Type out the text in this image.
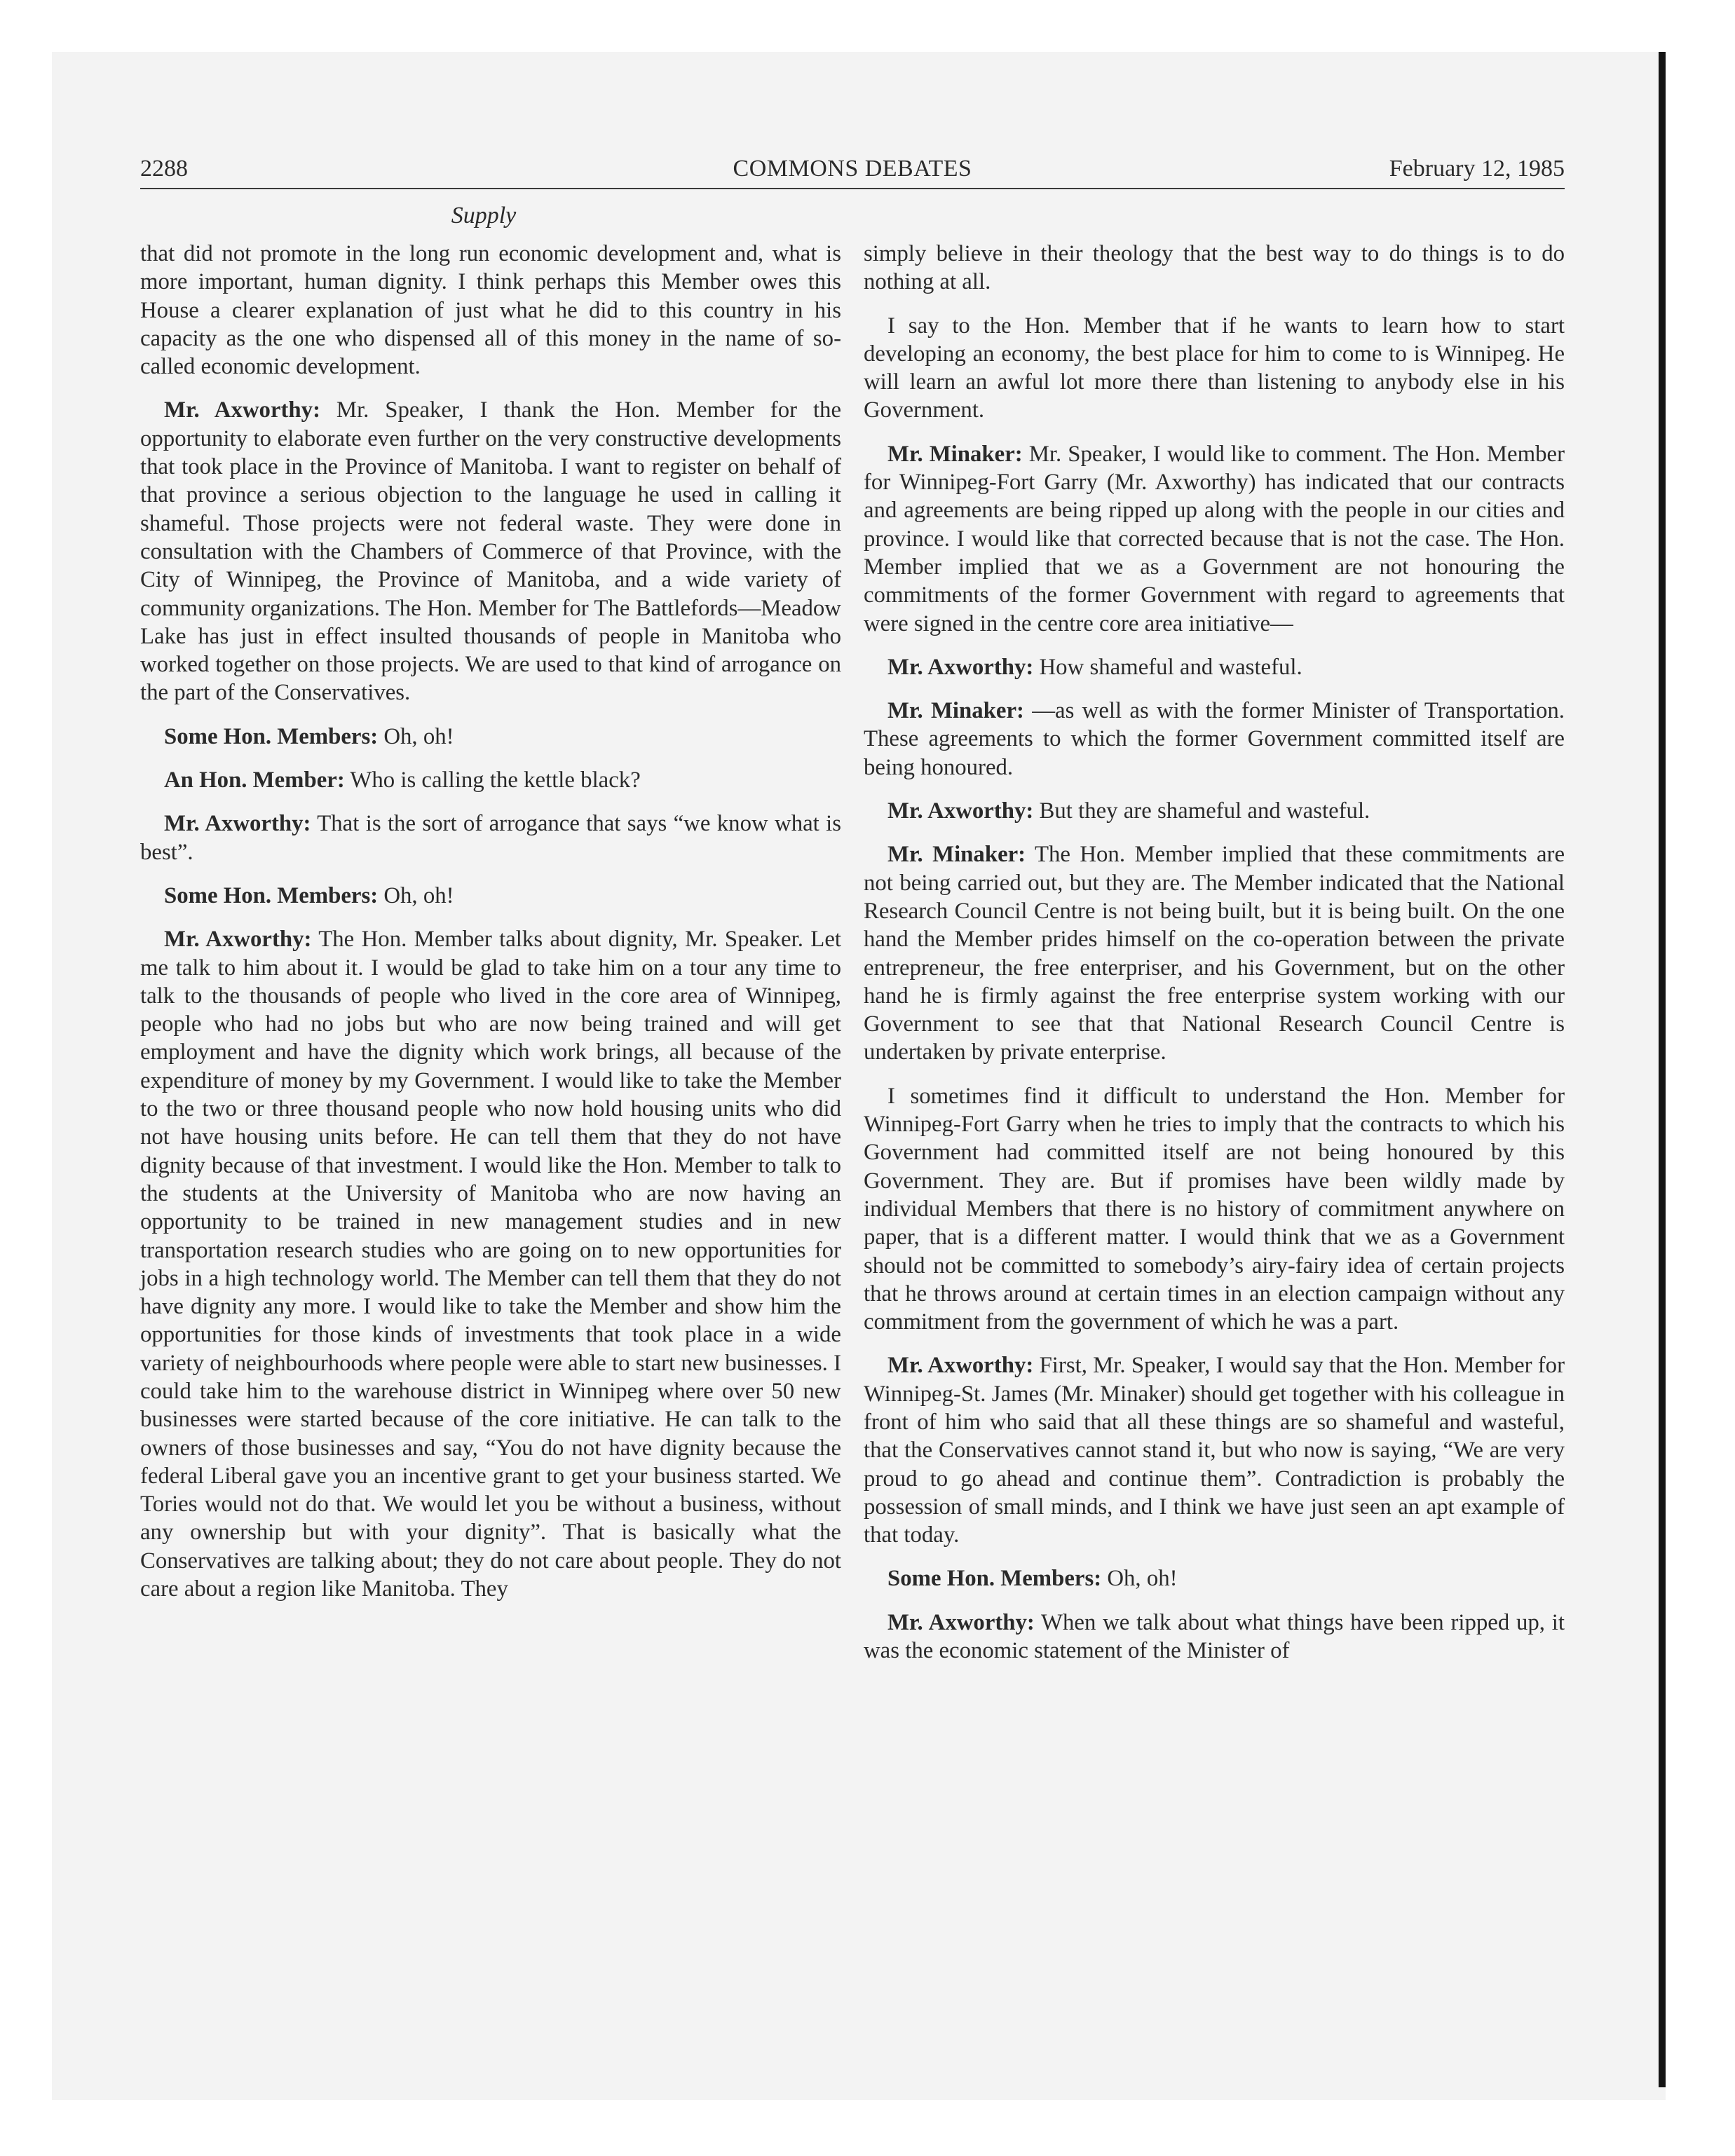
2288	COMMONS DEBATES	February 12, 1985
Supply

that did not promote in the long run economic development and, what is more important, human dignity. I think perhaps this Member owes this House a clearer explanation of just what he did to this country in his capacity as the one who dispensed all of this money in the name of so-called economic development.

Mr. Axworthy: Mr. Speaker, I thank the Hon. Member for the opportunity to elaborate even further on the very constructive developments that took place in the Province of Manitoba. I want to register on behalf of that province a serious objection to the language he used in calling it shameful. Those projects were not federal waste. They were done in consultation with the Chambers of Commerce of that Province, with the City of Winnipeg, the Province of Manitoba, and a wide variety of community organizations. The Hon. Member for The Battlefords—Meadow Lake has just in effect insulted thousands of people in Manitoba who worked together on those projects. We are used to that kind of arrogance on the part of the Conservatives.

Some Hon. Members: Oh, oh!

An Hon. Member: Who is calling the kettle black?

Mr. Axworthy: That is the sort of arrogance that says “we know what is best”.

Some Hon. Members: Oh, oh!

Mr. Axworthy: The Hon. Member talks about dignity, Mr. Speaker. Let me talk to him about it. I would be glad to take him on a tour any time to talk to the thousands of people who lived in the core area of Winnipeg, people who had no jobs but who are now being trained and will get employment and have the dignity which work brings, all because of the expenditure of money by my Government. I would like to take the Member to the two or three thousand people who now hold housing units who did not have housing units before. He can tell them that they do not have dignity because of that investment. I would like the Hon. Member to talk to the students at the University of Manitoba who are now having an opportunity to be trained in new management studies and in new transportation research studies who are going on to new opportunities for jobs in a high technology world. The Member can tell them that they do not have dignity any more. I would like to take the Member and show him the opportunities for those kinds of investments that took place in a wide variety of neighbourhoods where people were able to start new businesses. I could take him to the warehouse district in Winnipeg where over 50 new businesses were started because of the core initiative. He can talk to the owners of those businesses and say, “You do not have dignity because the federal Liberal gave you an incentive grant to get your business started. We Tories would not do that. We would let you be without a business, without any ownership but with your dignity”. That is basically what the Conservatives are talking about; they do not care about people. They do not care about a region like Manitoba. They

simply believe in their theology that the best way to do things is to do nothing at all.

I say to the Hon. Member that if he wants to learn how to start developing an economy, the best place for him to come to is Winnipeg. He will learn an awful lot more there than listening to anybody else in his Government.

Mr. Minaker: Mr. Speaker, I would like to comment. The Hon. Member for Winnipeg-Fort Garry (Mr. Axworthy) has indicated that our contracts and agreements are being ripped up along with the people in our cities and province. I would like that corrected because that is not the case. The Hon. Member implied that we as a Government are not honouring the commitments of the former Government with regard to agreements that were signed in the centre core area initiative—

Mr. Axworthy: How shameful and wasteful.

Mr. Minaker: —as well as with the former Minister of Transportation. These agreements to which the former Government committed itself are being honoured.

Mr. Axworthy: But they are shameful and wasteful.

Mr. Minaker: The Hon. Member implied that these commitments are not being carried out, but they are. The Member indicated that the National Research Council Centre is not being built, but it is being built. On the one hand the Member prides himself on the co-operation between the private entrepreneur, the free enterpriser, and his Government, but on the other hand he is firmly against the free enterprise system working with our Government to see that that National Research Council Centre is undertaken by private enterprise.

I sometimes find it difficult to understand the Hon. Member for Winnipeg-Fort Garry when he tries to imply that the contracts to which his Government had committed itself are not being honoured by this Government. They are. But if promises have been wildly made by individual Members that there is no history of commitment anywhere on paper, that is a different matter. I would think that we as a Government should not be committed to somebody’s airy-fairy idea of certain projects that he throws around at certain times in an election campaign without any commitment from the government of which he was a part.

Mr. Axworthy: First, Mr. Speaker, I would say that the Hon. Member for Winnipeg-St. James (Mr. Minaker) should get together with his colleague in front of him who said that all these things are so shameful and wasteful, that the Conservatives cannot stand it, but who now is saying, “We are very proud to go ahead and continue them”. Contradiction is probably the possession of small minds, and I think we have just seen an apt example of that today.

Some Hon. Members: Oh, oh!

Mr. Axworthy: When we talk about what things have been ripped up, it was the economic statement of the Minister of
